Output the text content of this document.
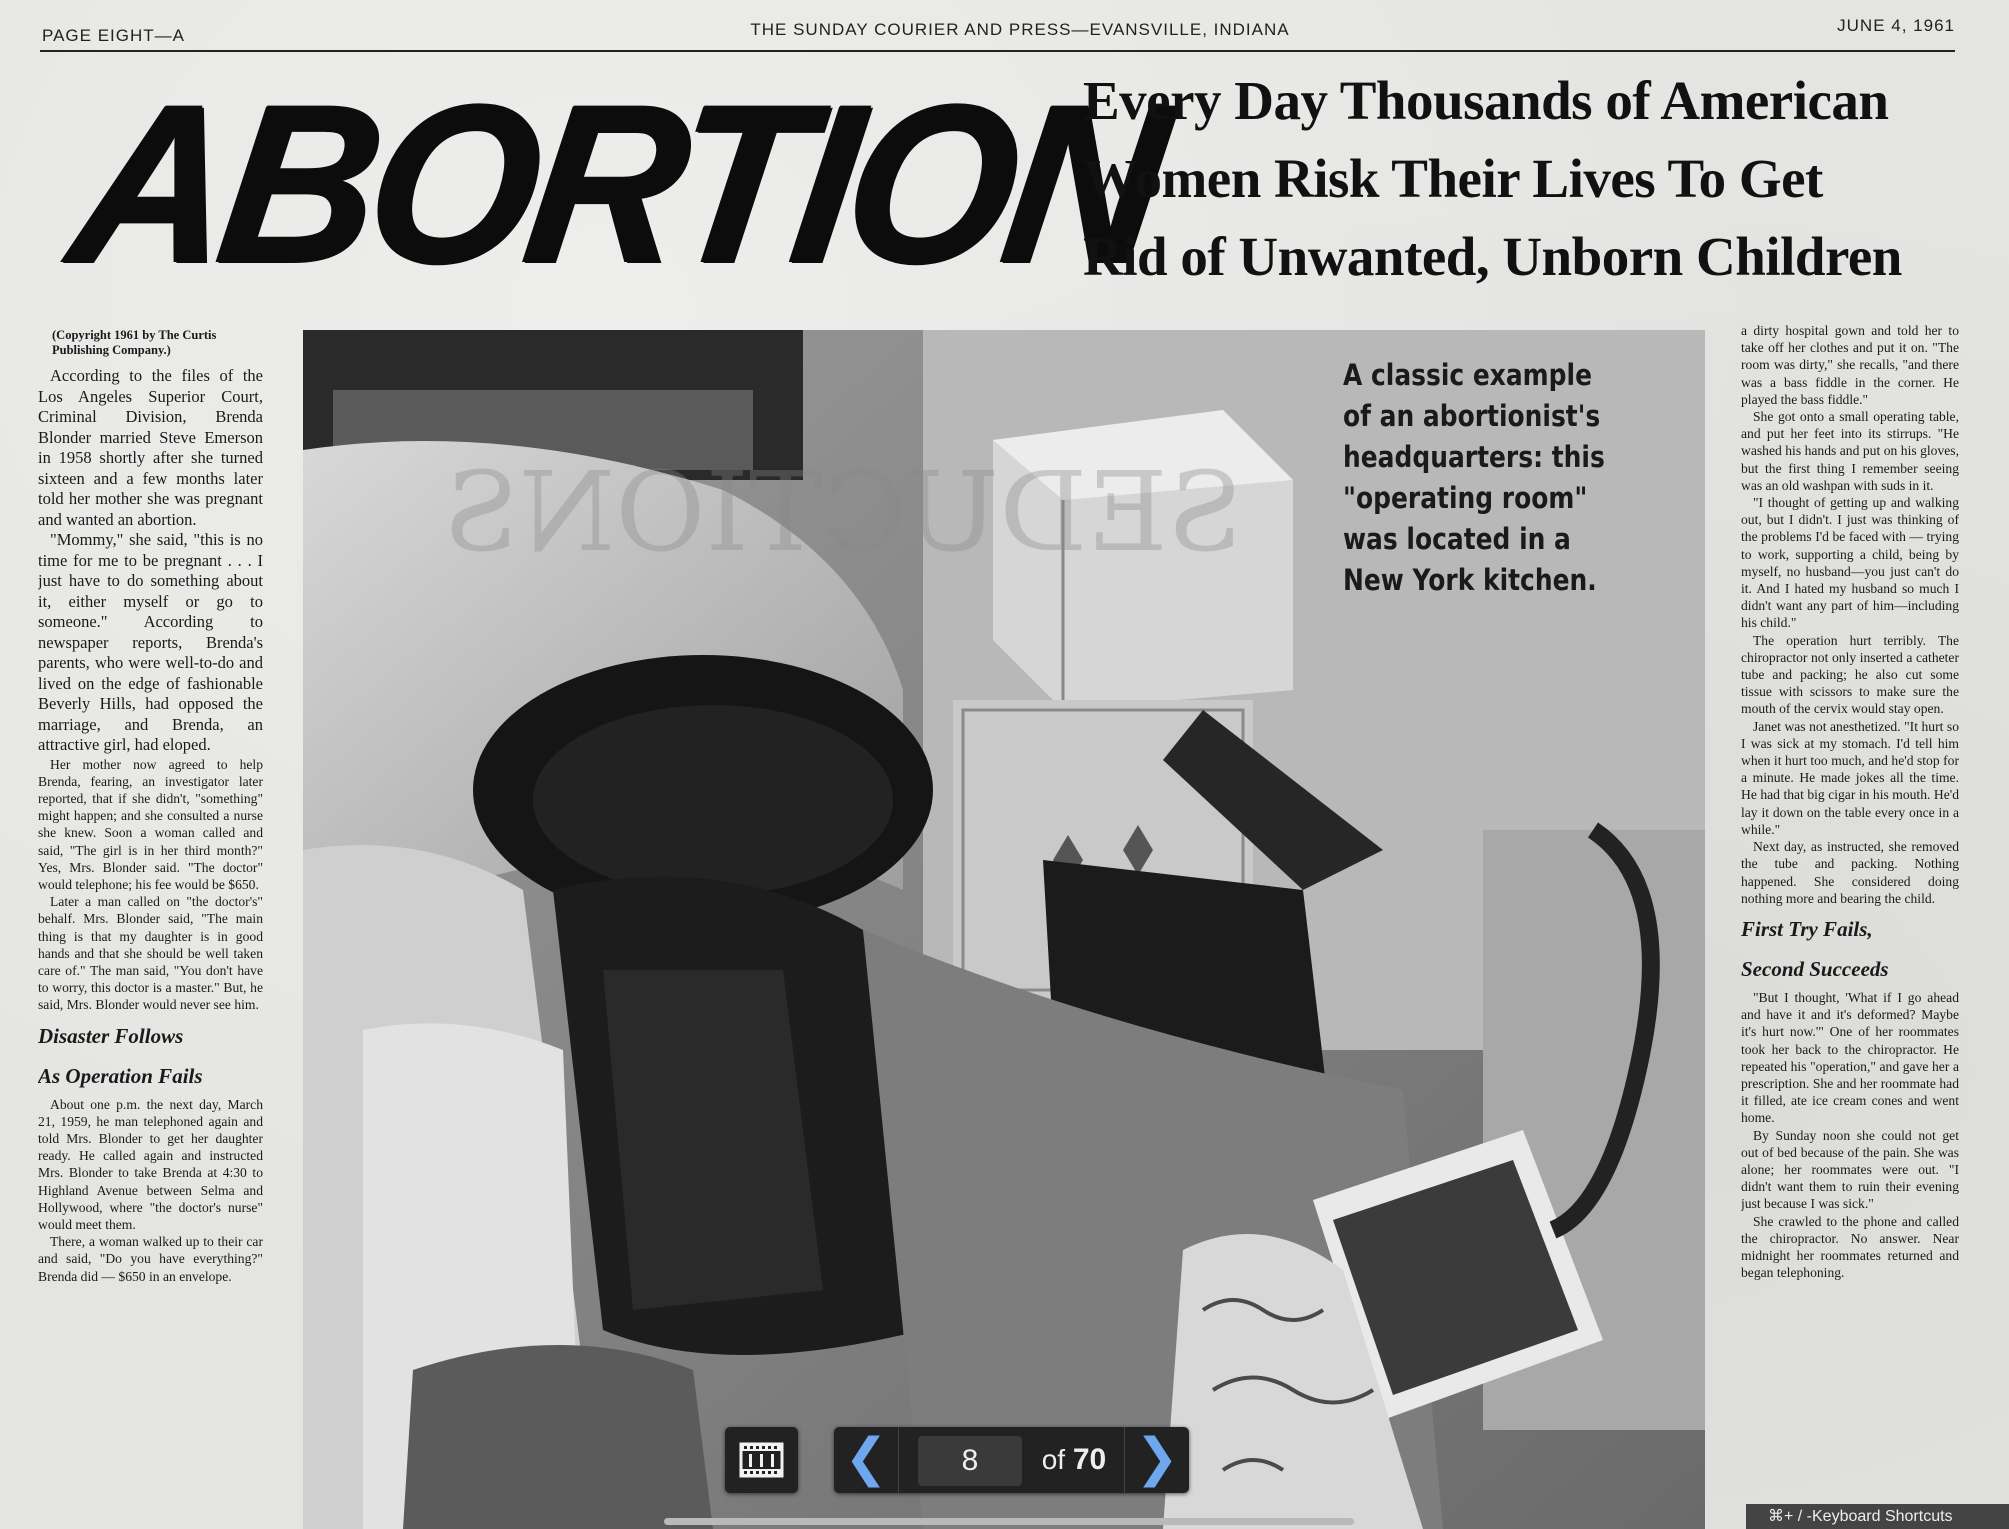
PAGE EIGHT—A	THE SUNDAY COURIER AND PRESS—EVANSVILLE, INDIANA	JUNE 4, 1961
ABORTION
Every Day Thousands of American
Women Risk Their Lives To Get
Rid of Unwanted, Unborn Children

(Copyright 1961 by The Curtis Publishing Company.)

According to the files of the Los Angeles Superior Court, Criminal Division, Brenda Blonder married Steve Emerson in 1958 shortly after she turned sixteen and a few months later told her mother she was pregnant and wanted an abortion.

"Mommy," she said, "this is no time for me to be pregnant . . . I just have to do something about it, either myself or go to someone." According to newspaper reports, Brenda's parents, who were well-to-do and lived on the edge of fashionable Beverly Hills, had opposed the marriage, and Brenda, an attractive girl, had eloped.

Her mother now agreed to help Brenda, fearing, an investigator later reported, that if she didn't, "something" might happen; and she consulted a nurse she knew. Soon a woman called and said, "The girl is in her third month?" Yes, Mrs. Blonder said. "The doctor" would telephone; his fee would be $650.

Later a man called on "the doctor's" behalf. Mrs. Blonder said, "The main thing is that my daughter is in good hands and that she should be well taken care of." The man said, "You don't have to worry, this doctor is a master." But, he said, Mrs. Blonder would never see him.

Disaster Follows

As Operation Fails

About one p.m. the next day, March 21, 1959, he man telephoned again and told Mrs. Blonder to get her daughter ready. He called again and instructed Mrs. Blonder to take Brenda at 4:30 to Highland Avenue between Selma and Hollywood, where "the doctor's nurse" would meet them.

There, a woman walked up to their car and said, "Do you have everything?" Brenda did — $650 in an envelope.

SEDUCTIONS
A classic example of an abortionist's headquarters: this "operating room" was located in a New York kitchen.

a dirty hospital gown and told her to take off her clothes and put it on. "The room was dirty," she recalls, "and there was a bass fiddle in the corner. He played the bass fiddle."

She got onto a small operating table, and put her feet into its stirrups. "He washed his hands and put on his gloves, but the first thing I remember seeing was an old washpan with suds in it.

"I thought of getting up and walking out, but I didn't. I just was thinking of the problems I'd be faced with — trying to work, supporting a child, being by myself, no husband—you just can't do it. And I hated my husband so much I didn't want any part of him—including his child."

The operation hurt terribly. The chiropractor not only inserted a catheter tube and packing; he also cut some tissue with scissors to make sure the mouth of the cervix would stay open.

Janet was not anesthetized. "It hurt so I was sick at my stomach. I'd tell him when it hurt too much, and he'd stop for a minute. He made jokes all the time. He had that big cigar in his mouth. He'd lay it down on the table every once in a while."

Next day, as instructed, she removed the tube and packing. Nothing happened. She considered doing nothing more and bearing the child.

First Try Fails,

Second Succeeds

"But I thought, 'What if I go ahead and have it and it's deformed? Maybe it's hurt now.'" One of her roommates took her back to the chiropractor. He repeated his "operation," and gave her a prescription. She and her roommate had it filled, ate ice cream cones and went home.

By Sunday noon she could not get out of bed because of the pain. She was alone; her roommates were out. "I didn't want them to ruin their evening just because I was sick."

She crawled to the phone and called the chiropractor. No answer. Near midnight her roommates returned and began telephoning.

❮
8	of 70 ❯
⌘+ / -Keyboard Shortcuts
